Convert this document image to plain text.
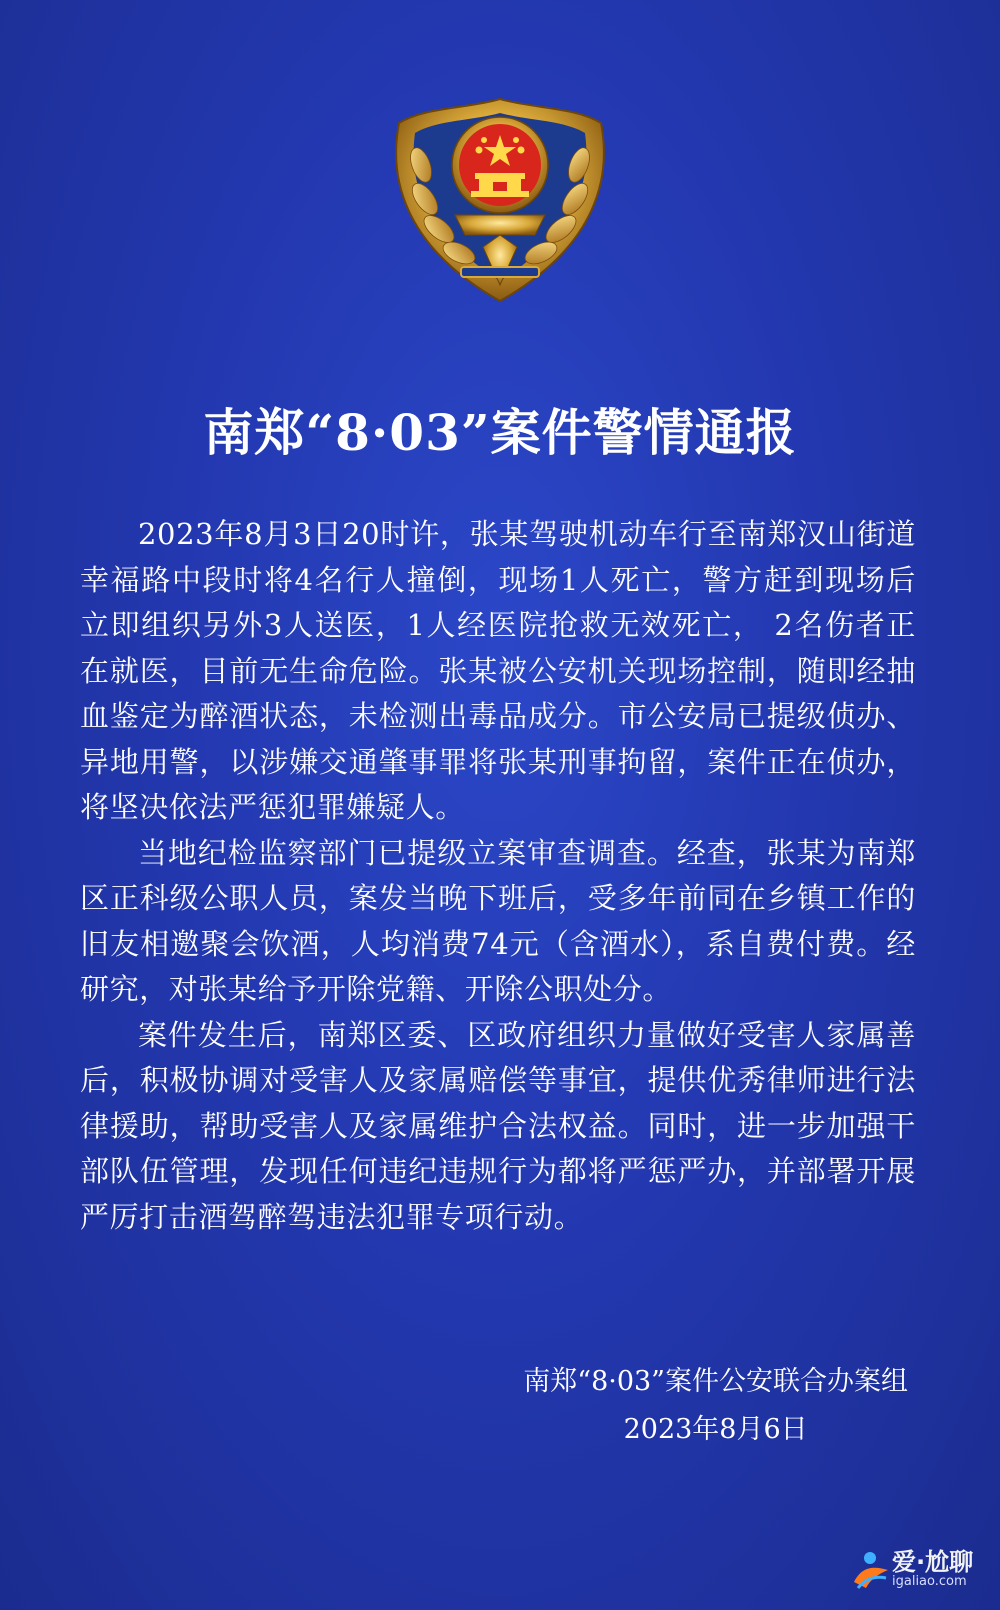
南郑“8·03”案件警情通报

2023年8月3日20时许，张某驾驶机动车行至南郑汉山街道幸福路中段时将4名行人撞倒，现场1人死亡，警方赶到现场后立即组织另外3人送医，1人经医院抢救无效死亡， 2名伤者正在就医，目前无生命危险。张某被公安机关现场控制，随即经抽血鉴定为醉酒状态，未检测出毒品成分。市公安局已提级侦办、异地用警，以涉嫌交通肇事罪将张某刑事拘留，案件正在侦办，将坚决依法严惩犯罪嫌疑人。

当地纪检监察部门已提级立案审查调查。经查，张某为南郑区正科级公职人员，案发当晚下班后，受多年前同在乡镇工作的旧友相邀聚会饮酒，人均消费74元（含酒水），系自费付费。经研究，对张某给予开除党籍、开除公职处分。

案件发生后，南郑区委、区政府组织力量做好受害人家属善后，积极协调对受害人及家属赔偿等事宜，提供优秀律师进行法律援助，帮助受害人及家属维护合法权益。同时，进一步加强干部队伍管理，发现任何违纪违规行为都将严惩严办，并部署开展严厉打击酒驾醉驾违法犯罪专项行动。

南郑“8·03”案件公安联合办案组
2023年8月6日
爱·尬聊
igaliao.com
